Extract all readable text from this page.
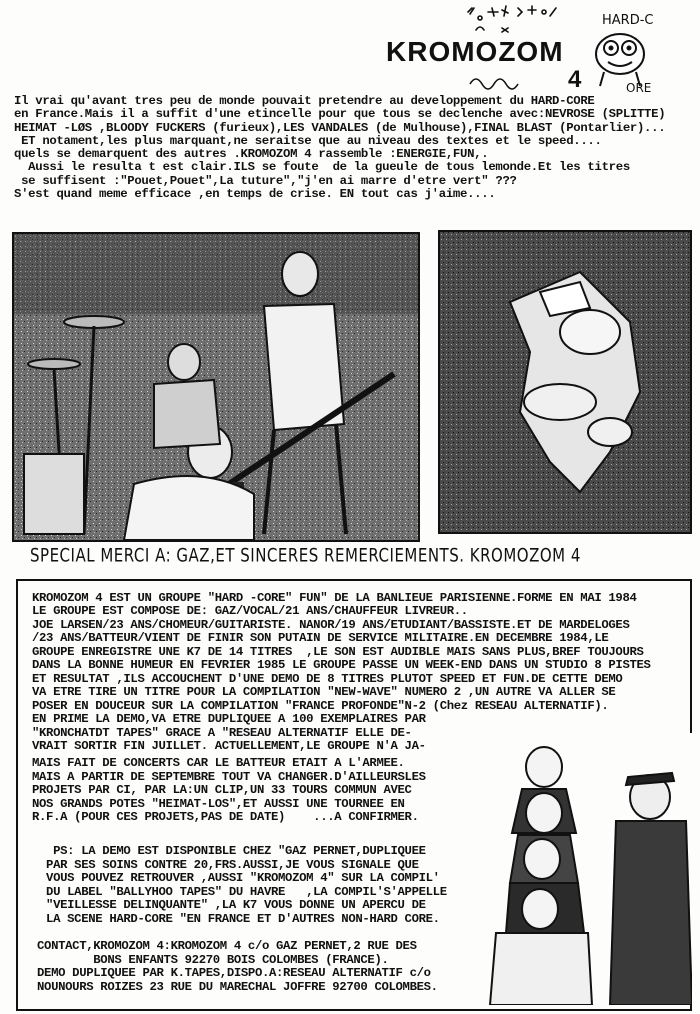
HARD-C
ORE
KROMOZOM
4
Il vrai qu'avant tres peu de monde pouvait pretendre au developpement du HARD-CORE
en France.Mais il a suffit d'une etincelle pour que tous se declenche avec:NEVROSE (SPLITTE)
HEIMAT -LØS ,BLOODY FUCKERS (furieux),LES VANDALES (de Mulhouse),FINAL BLAST (Pontarlier)...
ET notament,les plus marquant,ne seraitse que au niveau des textes et le speed....
quels se demarquent des autres .KROMOZOM 4 rassemble :ENERGIE,FUN,.
Aussi le resulta t est clair.ILS se foute  de la gueule de tous lemonde.Et les titres
se suffisent :"Pouet,Pouet",La tuture","j'en ai marre d'etre vert" ???
S'est quand meme efficace ,en temps de crise. EN tout cas j'aime....
SPECIAL MERCI A: GAZ,ET SINCERES REMERCIEMENTS. KROMOZOM 4
KROMOZOM 4 EST UN GROUPE "HARD -CORE" FUN" DE LA BANLIEUE PARISIENNE.FORME EN MAI 1984
LE GROUPE EST COMPOSE DE: GAZ/VOCAL/21 ANS/CHAUFFEUR LIVREUR..
JOE LARSEN/23 ANS/CHOMEUR/GUITARISTE. NANOR/19 ANS/ETUDIANT/BASSISTE.ET DE MARDELOGES
/23 ANS/BATTEUR/VIENT DE FINIR SON PUTAIN DE SERVICE MILITAIRE.EN DECEMBRE 1984,LE
GROUPE ENREGISTRE UNE K7 DE 14 TITRES  ,LE SON EST AUDIBLE MAIS SANS PLUS,BREF TOUJOURS
DANS LA BONNE HUMEUR EN FEVRIER 1985 LE GROUPE PASSE UN WEEK-END DANS UN STUDIO 8 PISTES
ET RESULTAT ,ILS ACCOUCHENT D'UNE DEMO DE 8 TITRES PLUTOT SPEED ET FUN.DE CETTE DEMO
VA ETRE TIRE UN TITRE POUR LA COMPILATION "NEW-WAVE" NUMERO 2 ,UN AUTRE VA ALLER SE
POSER EN DOUCEUR SUR LA COMPILATION "FRANCE PROFONDE"N-2 (Chez RESEAU ALTERNATIF).
EN PRIME LA DEMO,VA ETRE DUPLIQUEE A 100 EXEMPLAIRES PAR
"KRONCHATDT TAPES" GRACE A "RESEAU ALTERNATIF ELLE DE-
VRAIT SORTIR FIN JUILLET. ACTUELLEMENT,LE GROUPE N'A JA-
MAIS FAIT DE CONCERTS CAR LE BATTEUR ETAIT A L'ARMEE.
MAIS A PARTIR DE SEPTEMBRE TOUT VA CHANGER.D'AILLEURSLES
PROJETS PAR CI, PAR LA:UN CLIP,UN 33 TOURS COMMUN AVEC
NOS GRANDS POTES "HEIMAT-LOS",ET AUSSI UNE TOURNEE EN
R.F.A (POUR CES PROJETS,PAS DE DATE)    ...A CONFIRMER.
PS: LA DEMO EST DISPONIBLE CHEZ "GAZ PERNET,DUPLIQUEE
PAR SES SOINS CONTRE 20,FRS.AUSSI,JE VOUS SIGNALE QUE
VOUS POUVEZ RETROUVER ,AUSSI "KROMOZOM 4" SUR LA COMPIL'
DU LABEL "BALLYHOO TAPES" DU HAVRE   ,LA COMPIL'S'APPELLE
"VEILLESSE DELINQUANTE" ,LA K7 VOUS DONNE UN APERCU DE
LA SCENE HARD-CORE "EN FRANCE ET D'AUTRES NON-HARD CORE.
CONTACT,KROMOZOM 4:KROMOZOM 4 c/o GAZ PERNET,2 RUE DES
BONS ENFANTS 92270 BOIS COLOMBES (FRANCE).
DEMO DUPLIQUEE PAR K.TAPES,DISPO.A:RESEAU ALTERNATIF c/o
NOUNOURS ROIZES 23 RUE DU MARECHAL JOFFRE 92700 COLOMBES.
